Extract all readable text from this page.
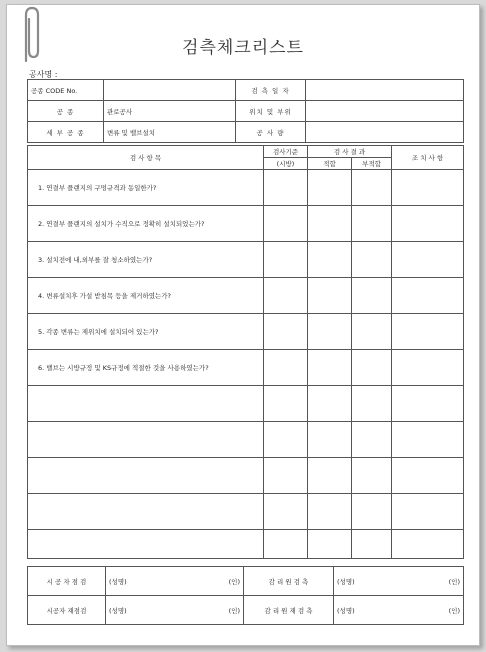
검측체크리스트
공사명 :
공종 CODE No.		검 측 일 자	
공 종	관로공사	위치 및 부위	
세 부 공 종	변류 및 밸브설치	공 사 량	
검 사 항 목	검사기준	검 사 결 과		조 치 사 항
	(시방)	적합	부적합	
1. 연결부 플랜지의 구멍규격과 동일한가?				
2. 연결부 플랜지의 설치가 수직으로 정확히 설치되었는가?				
3. 설치전에 내,외부를 잘 청소하였는가?				
4. 변류설치후 가설 받침목 등을 제거하였는가?				
5. 각종 변류는 제위치에 설치되어 있는가?				
6. 밸브는 시방규정 및 KS규정에 적절한 것을 사용하였는가?				

시 공 자 점 검	(성명)	(인)	감 리 원 검 측	(성명) (인)

시공자 재점검	(성명)	(인)	감 리 원 재 검 측	(성명) (인)
